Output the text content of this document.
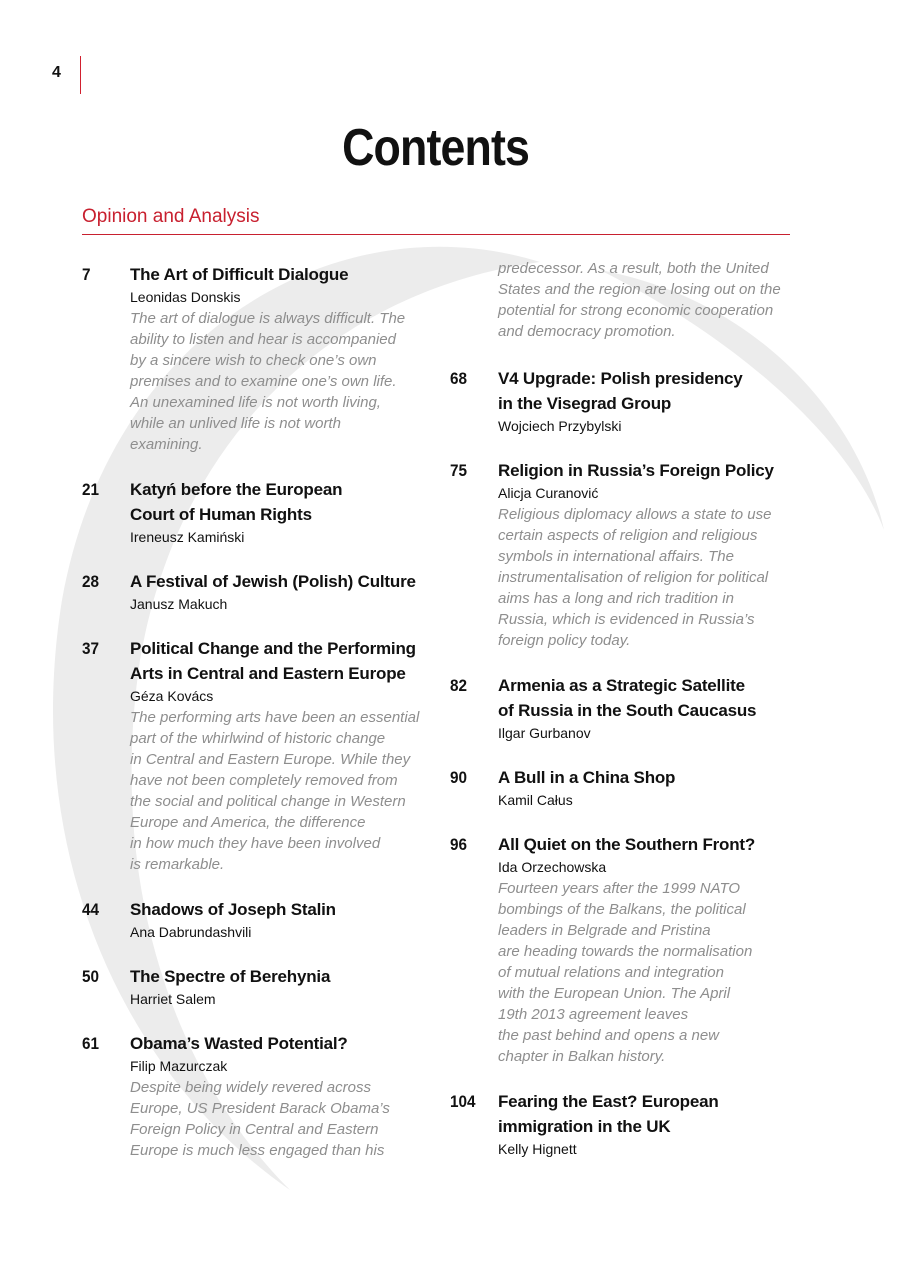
4
Contents
Opinion and Analysis
7 The Art of Difficult Dialogue
Leonidas Donskis
The art of dialogue is always difficult. The
ability to listen and hear is accompanied
by a sincere wish to check one’s own
premises and to examine one’s own life.
An unexamined life is not worth living,
while an unlived life is not worth
examining.
21 Katyń before the European
Court of Human Rights
Ireneusz Kamiński
28 A Festival of Jewish (Polish) Culture
Janusz Makuch
37 Political Change and the Performing
Arts in Central and Eastern Europe
Géza Kovács
The performing arts have been an essential
part of the whirlwind of historic change
in Central and Eastern Europe. While they
have not been completely removed from
the social and political change in Western
Europe and America, the difference
in how much they have been involved
is remarkable.
44 Shadows of Joseph Stalin
Ana Dabrundashvili
50 The Spectre of Berehynia
Harriet Salem
61 Obama’s Wasted Potential?
Filip Mazurczak
Despite being widely revered across
Europe, US President Barack Obama’s
Foreign Policy in Central and Eastern
Europe is much less engaged than his
predecessor. As a result, both the United
States and the region are losing out on the
potential for strong economic cooperation
and democracy promotion.
68 V4 Upgrade: Polish presidency
in the Visegrad Group
Wojciech Przybylski
75 Religion in Russia’s Foreign Policy
Alicja Curanović
Religious diplomacy allows a state to use
certain aspects of religion and religious
symbols in international affairs. The
instrumentalisation of religion for political
aims has a long and rich tradition in
Russia, which is evidenced in Russia’s
foreign policy today.
82 Armenia as a Strategic Satellite
of Russia in the South Caucasus
Ilgar Gurbanov
90 A Bull in a China Shop
Kamil Całus
96 All Quiet on the Southern Front?
Ida Orzechowska
Fourteen years after the 1999 NATO
bombings of the Balkans, the political
leaders in Belgrade and Pristina
are heading towards the normalisation
of mutual relations and integration
with the European Union. The April
19th 2013 agreement leaves
the past behind and opens a new
chapter in Balkan history.
104 Fearing the East? European
immigration in the UK
Kelly Hignett
